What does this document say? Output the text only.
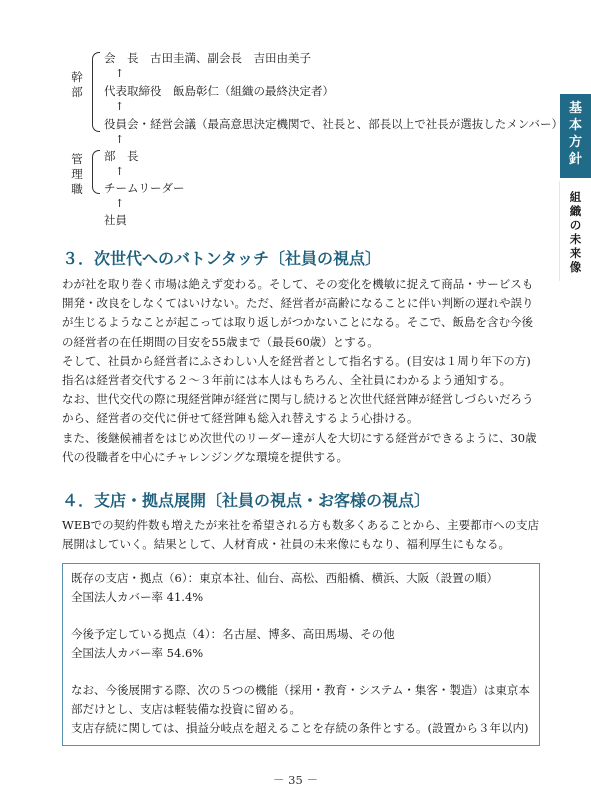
基
本
方
針
組
織
の
未
来
像
幹
部
管
理
職
会　長　古田圭満、副会長　吉田由美子
↑
代表取締役　飯島彰仁（組織の最終決定者）
↑
役員会・経営会議（最高意思決定機関で、社長と、部長以上で社長が選抜したメンバー）
↑
部　長
↑
チームリーダー
↑
社員
３．次世代へのバトンタッチ〔社員の視点〕

わが社を取り巻く市場は絶えず変わる。そして、その変化を機敏に捉えて商品・サービスも開発・改良をしなくてはいけない。ただ、経営者が高齢になることに伴い判断の遅れや誤りが生じるようなことが起こっては取り返しがつかないことになる。そこで、飯島を含む今後の経営者の在任期間の目安を55歳まで（最長60歳）とする。

そして、社員から経営者にふさわしい人を経営者として指名する。(目安は１周り年下の方)

指名は経営者交代する２～３年前には本人はもちろん、全社員にわかるよう通知する。

なお、世代交代の際に現経営陣が経営に関与し続けると次世代経営陣が経営しづらいだろうから、経営者の交代に併せて経営陣も総入れ替えするよう心掛ける。

また、後継候補者をはじめ次世代のリーダー達が人を大切にする経営ができるように、30歳代の役職者を中心にチャレンジングな環境を提供する。

４．支店・拠点展開〔社員の視点・お客様の視点〕

WEBでの契約件数も増えたが来社を希望される方も数多くあることから、主要都市への支店展開はしていく。結果として、人材育成・社員の未来像にもなり、福利厚生にもなる。

既存の支店・拠点（6）：東京本社、仙台、高松、西船橋、横浜、大阪（設置の順）

全国法人カバー率 41.4%

今後予定している拠点（4）：名古屋、博多、高田馬場、その他

全国法人カバー率 54.6%

なお、今後展開する際、次の５つの機能（採用・教育・システム・集客・製造）は東京本

部だけとし、支店は軽装備な投資に留める。

支店存続に関しては、損益分岐点を超えることを存続の条件とする。(設置から３年以内)

－ 35 －
